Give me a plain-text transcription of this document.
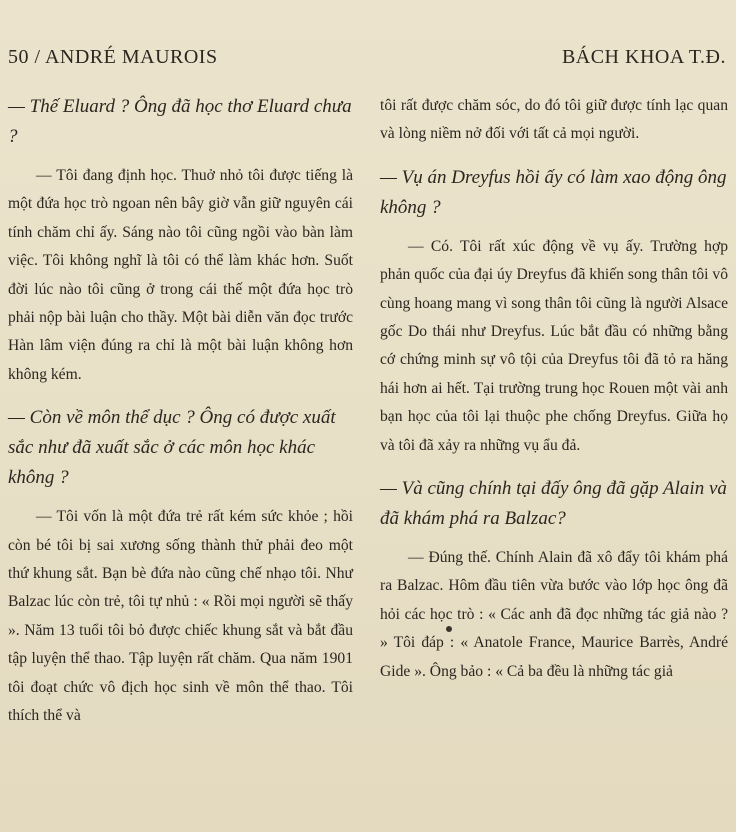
50 / ANDRÉ MAUROIS	BÁCH KHOA T.Đ.

— Thế Eluard ? Ông đã học thơ Eluard chưa ?

— Tôi đang định học. Thuở nhỏ tôi được tiếng là một đứa học trò ngoan nên bây giờ vẫn giữ nguyên cái tính chăm chỉ ấy. Sáng nào tôi cũng ngồi vào bàn làm việc. Tôi không nghĩ là tôi có thể làm khác hơn. Suốt đời lúc nào tôi cũng ở trong cái thế một đứa học trò phải nộp bài luận cho thầy. Một bài diễn văn đọc trước Hàn lâm viện đúng ra chỉ là một bài luận không hơn không kém.

— Còn về môn thể dục ? Ông có được xuất sắc như đã xuất sắc ở các môn học khác không ?

— Tôi vốn là một đứa trẻ rất kém sức khỏe ; hồi còn bé tôi bị sai xương sống thành thử phải đeo một thứ khung sắt. Bạn bè đứa nào cũng chế nhạo tôi. Như Balzac lúc còn trẻ, tôi tự nhủ : « Rồi mọi người sẽ thấy ». Năm 13 tuổi tôi bỏ được chiếc khung sắt và bắt đầu tập luyện thể thao. Tập luyện rất chăm. Qua năm 1901 tôi đoạt chức vô địch học sinh về môn thể thao. Tôi thích thể và

tôi rất được chăm sóc, do đó tôi giữ được tính lạc quan và lòng niềm nở đối với tất cả mọi người.

— Vụ án Dreyfus hồi ấy có làm xao động ông không ?

— Có. Tôi rất xúc động về vụ ấy. Trường hợp phản quốc của đại úy Dreyfus đã khiến song thân tôi vô cùng hoang mang vì song thân tôi cũng là người Alsace gốc Do thái như Dreyfus. Lúc bắt đầu có những bằng cớ chứng minh sự vô tội của Dreyfus tôi đã tỏ ra hăng hái hơn ai hết. Tại trường trung học Rouen một vài anh bạn học của tôi lại thuộc phe chống Dreyfus. Giữa họ và tôi đã xảy ra những vụ ẩu đả.

— Và cũng chính tại đấy ông đã gặp Alain và đã khám phá ra Balzac?

— Đúng thế. Chính Alain đã xô đẩy tôi khám phá ra Balzac. Hôm đầu tiên vừa bước vào lớp học ông đã hỏi các học trò : « Các anh đã đọc những tác giả nào ? » Tôi đáp : « Anatole France, Maurice Barrès, André Gide ». Ông bảo : « Cả ba đều là những tác giả
